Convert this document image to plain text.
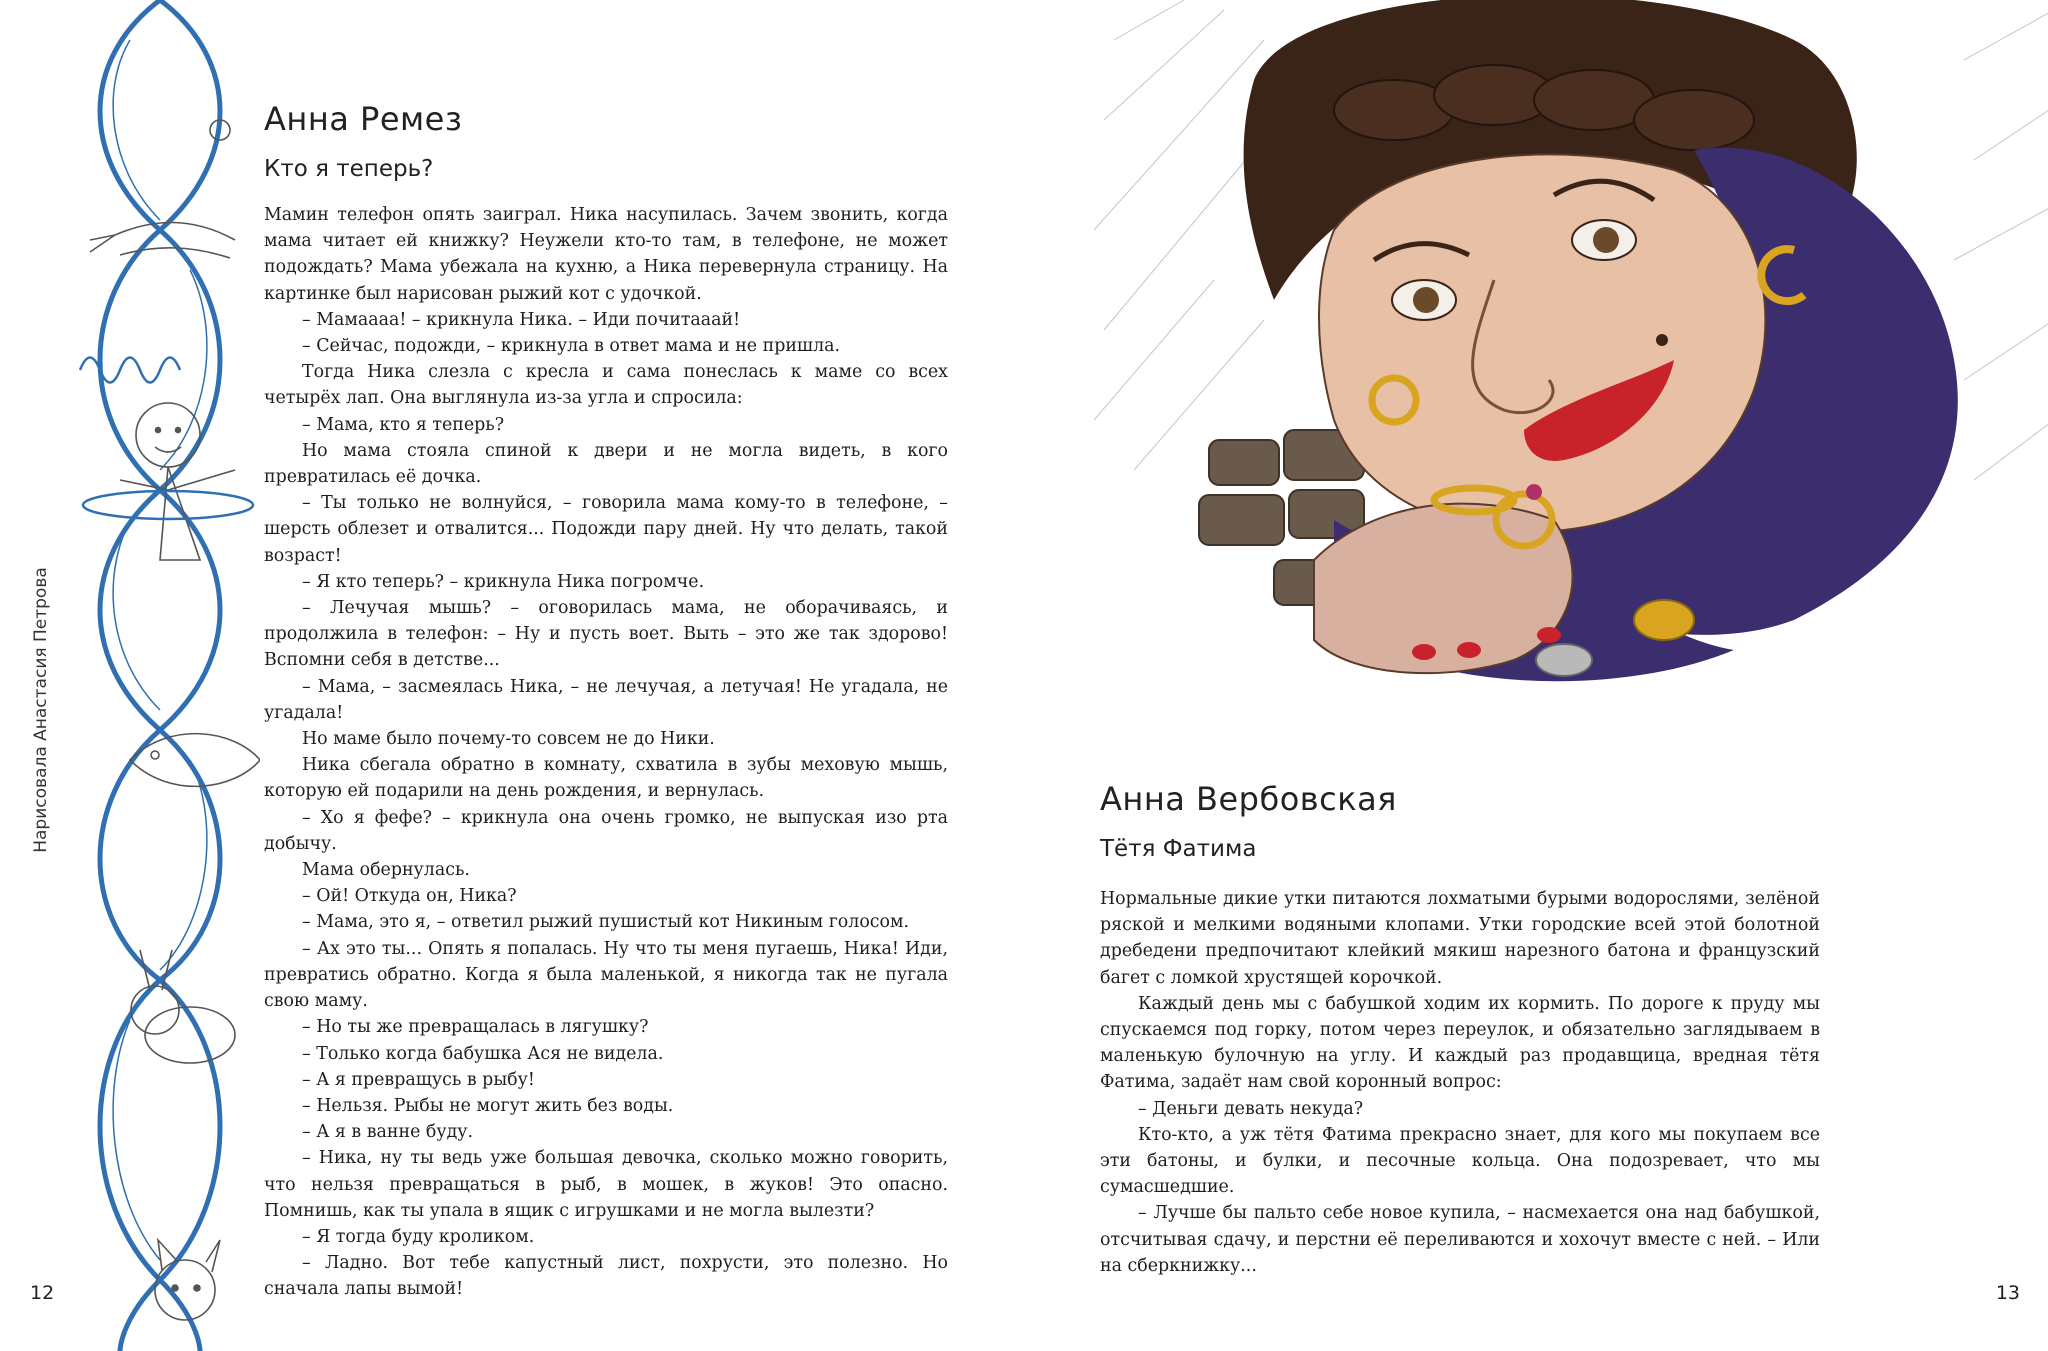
Нарисовала Анастасия Петрова
Анна Ремез
Кто я теперь?

Мамин телефон опять заиграл. Ника насупилась. Зачем звонить, когда мама читает ей книжку? Неужели кто-то там, в телефоне, не может подождать? Мама убежала на кухню, а Ника перевернула страницу. На картинке был нарисован рыжий кот с удочкой.

– Мамаааа! – крикнула Ника. – Иди почитааай!

– Сейчас, подожди, – крикнула в ответ мама и не пришла.

Тогда Ника слезла с кресла и сама понеслась к маме со всех четырёх лап. Она выглянула из-за угла и спросила:

– Мама, кто я теперь?

Но мама стояла спиной к двери и не могла видеть, в кого превратилась её дочка.

– Ты только не волнуйся, – говорила мама кому-то в телефоне, – шерсть облезет и отвалится... Подожди пару дней. Ну что делать, такой возраст!

– Я кто теперь? – крикнула Ника погромче.

– Лечучая мышь? – оговорилась мама, не оборачиваясь, и продолжила в телефон: – Ну и пусть воет. Выть – это же так здорово! Вспомни себя в детстве...

– Мама, – засмеялась Ника, – не лечучая, а летучая! Не угадала, не угадала!

Но маме было почему-то совсем не до Ники.

Ника сбегала обратно в комнату, схватила в зубы меховую мышь, которую ей подарили на день рождения, и вернулась.

– Хо я фефе? – крикнула она очень громко, не выпуская изо рта добычу.

Мама обернулась.

– Ой! Откуда он, Ника?

– Мама, это я, – ответил рыжий пушистый кот Никиным голосом.

– Ах это ты... Опять я попалась. Ну что ты меня пугаешь, Ника! Иди, превратись обратно. Когда я была маленькой, я никогда так не пугала свою маму.

– Но ты же превращалась в лягушку?

– Только когда бабушка Ася не видела.

– А я превращусь в рыбу!

– Нельзя. Рыбы не могут жить без воды.

– А я в ванне буду.

– Ника, ну ты ведь уже большая девочка, сколько можно говорить, что нельзя превращаться в рыб, в мошек, в жуков! Это опасно. Помнишь, как ты упала в ящик с игрушками и не могла вылезти?

– Я тогда буду кроликом.

– Ладно. Вот тебе капустный лист, похрусти, это полезно. Но сначала лапы вымой!

12
Анна Вербовская
Тётя Фатима

Нормальные дикие утки питаются лохматыми бурыми водорослями, зелёной ряской и мелкими водяными клопами. Утки городские всей этой болотной дребедени предпочитают клейкий мякиш нарезного батона и французский багет с ломкой хрустящей корочкой.

Каждый день мы с бабушкой ходим их кормить. По дороге к пруду мы спускаемся под горку, потом через переулок, и обязательно заглядываем в маленькую булочную на углу. И каждый раз продавщица, вредная тётя Фатима, задаёт нам свой коронный вопрос:

– Деньги девать некуда?

Кто-кто, а уж тётя Фатима прекрасно знает, для кого мы покупаем все эти батоны, и булки, и песочные кольца. Она подозревает, что мы сумасшедшие.

– Лучше бы пальто себе новое купила, – насмехается она над бабушкой, отсчитывая сдачу, и перстни её переливаются и хохочут вместе с ней. – Или на сберкнижку...

13
